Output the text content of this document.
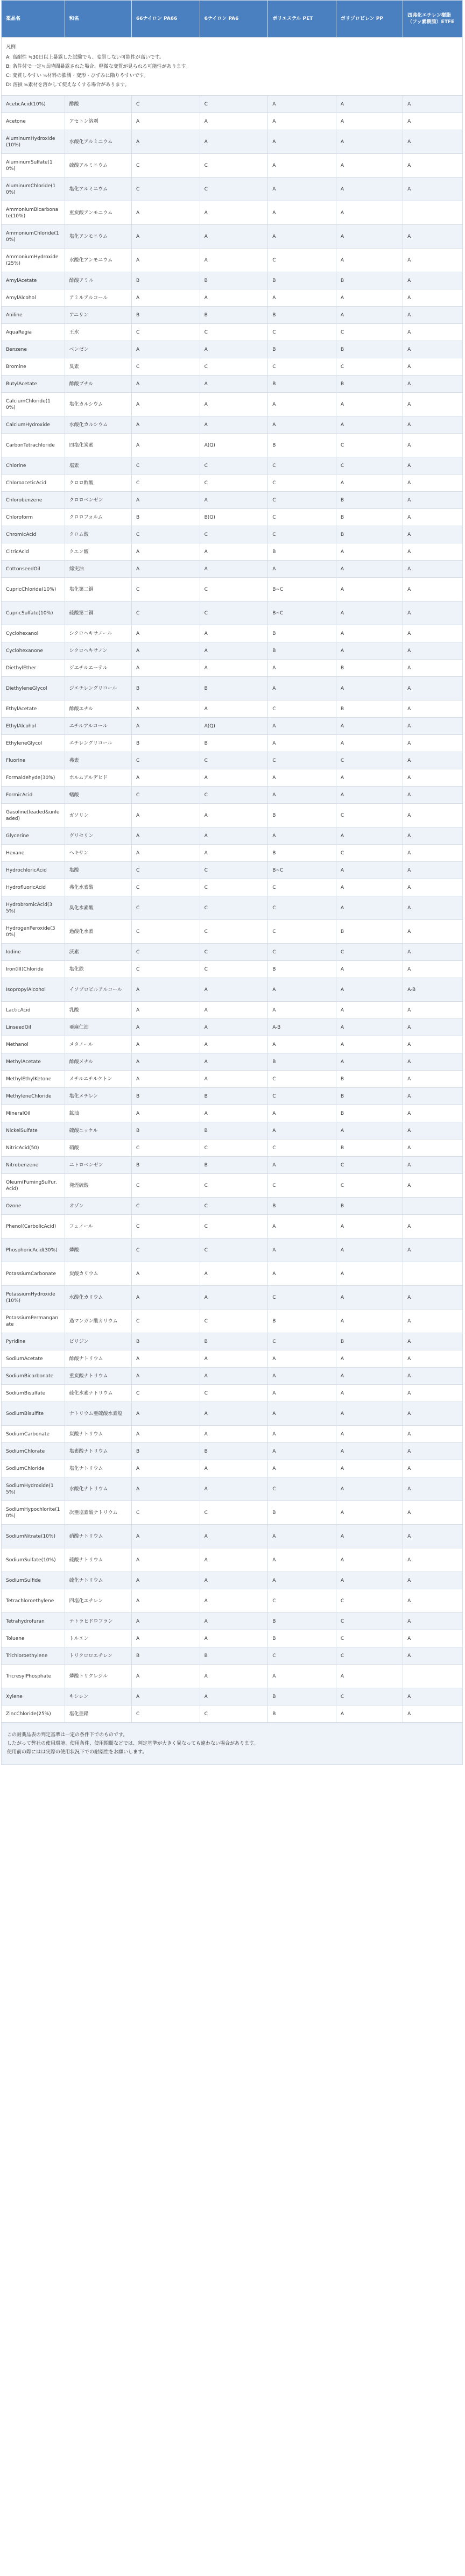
薬品名	和名	66ナイロン PA66	6ナイロン PA6	ポリエステル PET	ポリプロピレン PP	四弗化エチレン樹脂（フッ素樹脂）ETFE

凡例
A: 高耐性 ≒30日以上暴露した試験でも、変質しない可能性が高いです。
B: 条件付で一定≒長時間暴露された場合、軽微な変質が見られる可能性があります。
C: 変質しやすい ≒材料の膨潤・変形・ひずみに陥りやすいです。
D: 溶損 ≒素材を溶かして使えなくする場合があります。						

AceticAcid(10%)	酢酸	C	C	A	A	A
Acetone	アセトン溶剤	A	A	A	A	A
AluminumHydroxide(10%)	水酸化アルミニウム	A	A	A	A	A
AluminumSulfate(10%)	硫酸アルミニウム	C	C	A	A	A
AluminumChloride(10%)	塩化アルミニウム	C	C	A	A	A
AmmoniumBicarbonate(10%)	重炭酸アンモニウム	A	A	A	A	
AmmoniumChloride(10%)	塩化アンモニウム	A	A	A	A	A
AmmoniumHydroxide(25%)	水酸化アンモニウム	A	A	C	A	A
AmylAcetate	酢酸アミル	B	B	B	B	A
AmylAlcohol	アミルアルコール	A	A	A	A	A
Aniline	アニリン	B	B	B	A	A
AquaRegia	王水	C	C	C	C	A
Benzene	ベンゼン	A	A	B	B	A
Bromine	臭素	C	C	C	C	A
ButylAcetate	酢酸ブチル	A	A	B	B	A
CalciumChloride(10%)	塩化カルシウム	A	A	A	A	A
CalciumHydroxide	水酸化カルシウム	A	A	A	A	A
CarbonTetrachloride	四塩化炭素	A	A(Q)	B	C	A
Chlorine	塩素	C	C	C	C	A
ChloroaceticAcid	クロロ酢酸	C	C	C	A	A
Chlorobenzene	クロロベンゼン	A	A	C	B	A
Chloroform	クロロフォルム	B	B(Q)	C	B	A
ChromicAcid	クロム酸	C	C	C	B	A
CitricAcid	クエン酸	A	A	B	A	A
CottonseedOil	綿実油	A	A	A	A	A
CupricChloride(10%)	塩化第二銅	C	C	B~C	A	A
CupricSulfate(10%)	硫酸第二銅	C	C	B~C	A	A
Cyclohexanol	シクロヘキサノール	A	A	B	A	A
Cyclohexanone	シクロヘキサノン	A	A	B	A	A
DiethylEther	ジエチルエーテル	A	A	A	B	A
DiethyleneGlycol	ジエチレングリコール	B	B	A	A	A
EthylAcetate	酢酸エチル	A	A	C	B	A
EthylAlcohol	エチルアルコール	A	A(Q)	A	A	A
EthyleneGlycol	エチレングリコール	B	B	A	A	A
Fluorine	弗素	C	C	C	C	A
Formaldehyde(30%)	ホルムアルデヒド	A	A	A	A	A
FormicAcid	蟻酸	C	C	A	A	A
Gasoline(leaded&unleaded)	ガソリン	A	A	B	C	A
Glycerine	グリセリン	A	A	A	A	A
Hexane	ヘキサン	A	A	B	C	A
HydrochloricAcid	塩酸	C	C	B~C	A	A
HydrofluoricAcid	弗化水素酸	C	C	C	A	A
HydrobromicAcid(35%)	臭化水素酸	C	C	C	A	A
HydrogenPeroxide(30%)	過酸化水素	C	C	C	B	A
Iodine	沃素	C	C	C	C	A
Iron(III)Chloride	塩化鉄	C	C	B	A	A
IsopropylAlcohol	イソプロピルアルコール	A	A	A	A	A-B
LacticAcid	乳酸	A	A	A	A	A
LinseedOil	亜麻仁油	A	A	A-B	A	A
Methanol	メタノール	A	A	A	A	A
MethylAcetate	酢酸メチル	A	A	B	A	A
MethylEthylKetone	メチルエチルケトン	A	A	C	B	A
MethyleneChloride	塩化メチレン	B	B	C	B	A
MineralOil	鉱油	A	A	A	B	A
NickelSulfate	硫酸ニッケル	B	B	A	A	A
NitricAcid(50)	硝酸	C	C	C	B	A
Nitrobenzene	ニトロベンゼン	B	B	A	C	A
Oleum(FumingSulfur.Acid)	発煙硫酸	C	C	C	C	A
Ozone	オゾン	C	C	B	B	
Phenol(CarbolicAcid)	フェノール	C	C	A	A	A
PhosphoricAcid(30%)	燐酸	C	C	A	A	A
PotassiumCarbonate	炭酸カリウム	A	A	A	A	
PotassiumHydroxide(10%)	水酸化カリウム	A	A	C	A	A
PotassiumPermanganate	過マンガン酸カリウム	C	C	B	A	A
Pyridine	ピリジン	B	B	C	B	A
SodiumAcetate	酢酸ナトリウム	A	A	A	A	A
SodiumBicarbonate	重炭酸ナトリウム	A	A	A	A	A
SodiumBisulfate	硫化水素ナトリウム	C	C	A	A	A
SodiumBisulfite	ナトリウム亜硫酸水素塩	A	A	A	A	A
SodiumCarbonate	炭酸ナトリウム	A	A	A	A	A
SodiumChlorate	塩素酸ナトリウム	B	B	A	A	A
SodiumChloride	塩化ナトリウム	A	A	A	A	A
SodiumHydroxide(15%)	水酸化ナトリウム	A	A	C	A	A
SodiumHypochlorite(10%)	次亜塩素酸ナトリウム	C	C	B	A	A
SodiumNitrate(10%)	硝酸ナトリウム	A	A	A	A	A
SodiumSulfate(10%)	硫酸ナトリウム	A	A	A	A	A
SodiumSulfide	硫化ナトリウム	A	A	A	A	A
Tetrachloroethylene	四塩化エチレン	A	A	C	C	A
Tetrahydrofuran	テトラヒドロフラン	A	A	B	C	A
Toluene	トルエン	A	A	B	C	A
Trichloroethylene	トリクロロエチレン	B	B	C	C	A
TricresylPhosphate	燐酸トリクレジル	A	A	A	A	
Xylene	キシレン	A	A	B	C	A
ZincChloride(25%)	塩化亜鉛	C	C	B	A	A

この耐薬品表の判定基準は一定の条件下でのものです。

したがって弊社の使用環境、使用条件、使用期間などでは、判定基準が大きく異なっても違わない場合があります。

使用前の際にはは実際の使用状況下での耐薬性をお願いします。
